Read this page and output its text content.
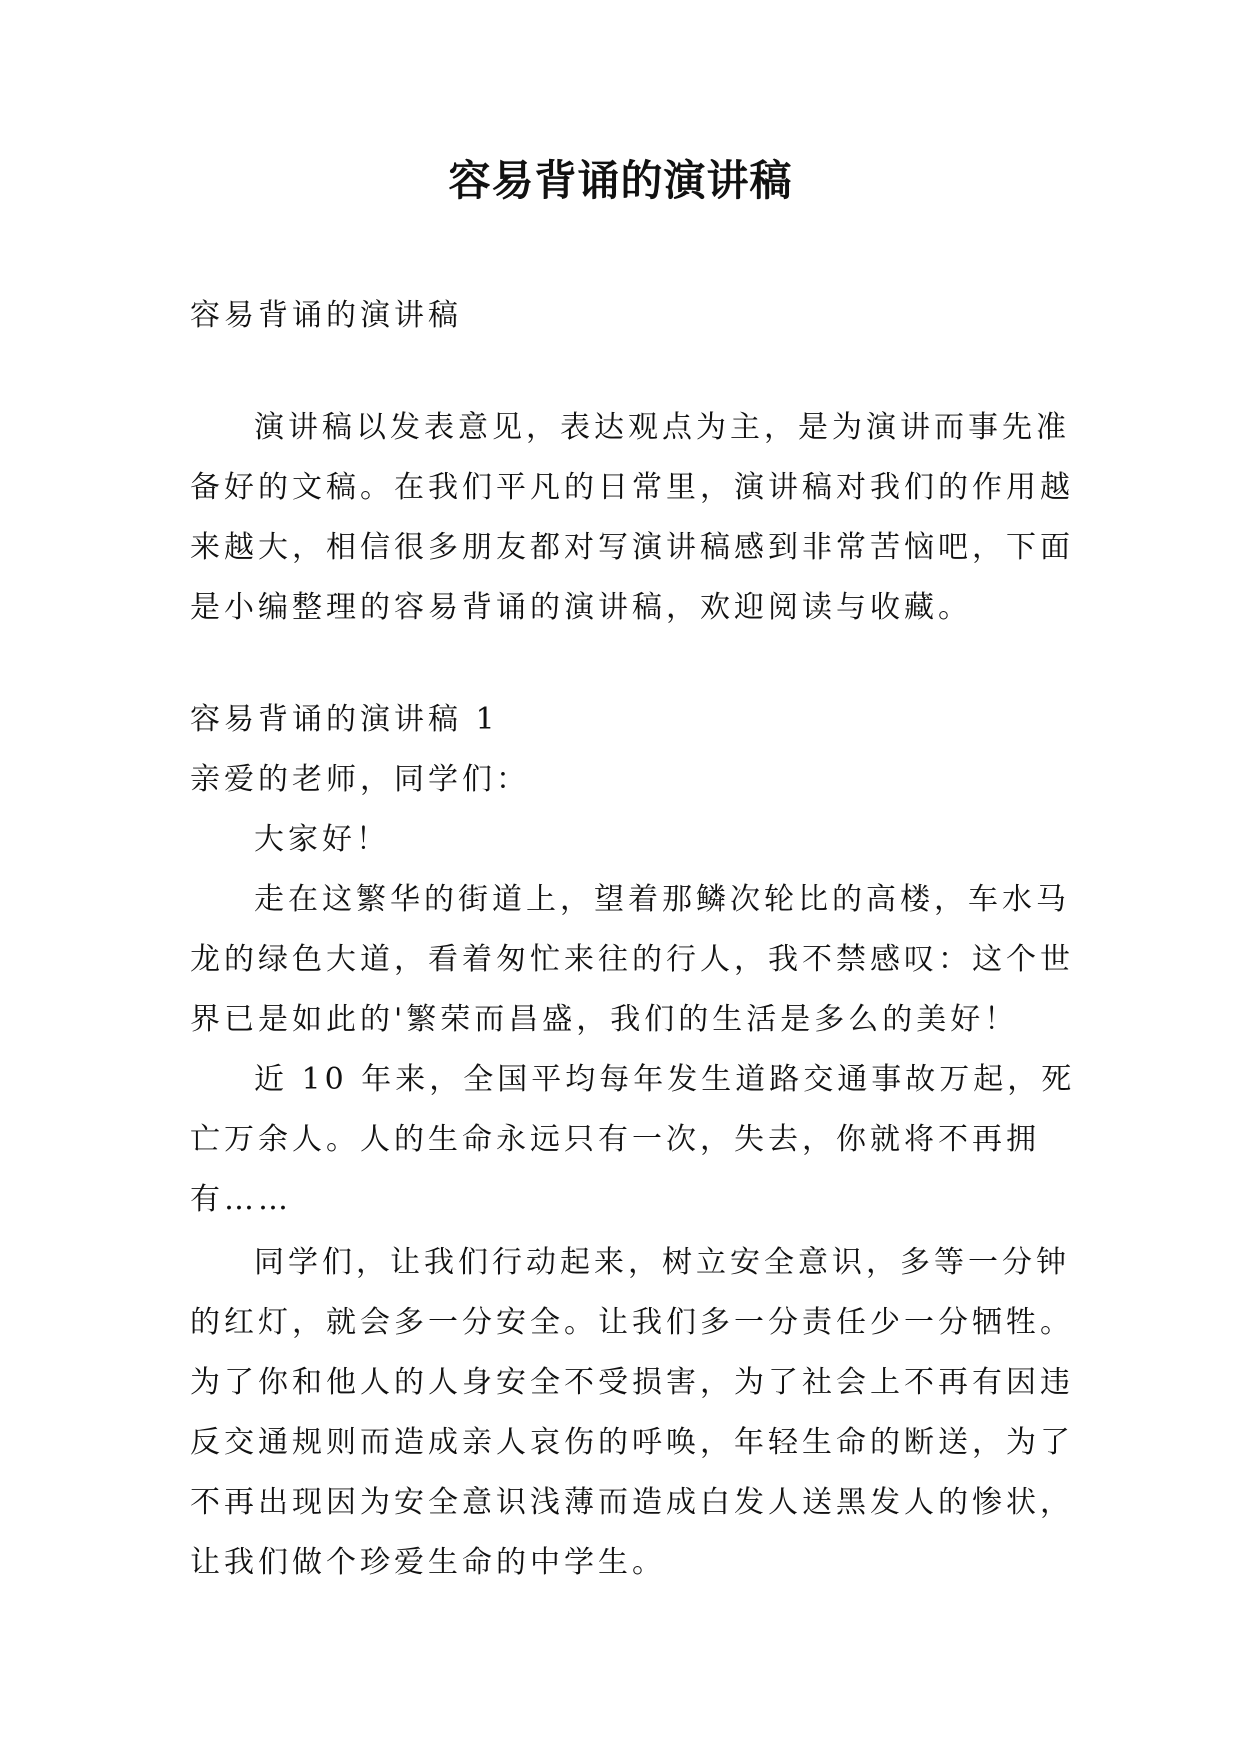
容易背诵的演讲稿
容易背诵的演讲稿
演讲稿以发表意见，表达观点为主，是为演讲而事先准
备好的文稿。在我们平凡的日常里，演讲稿对我们的作用越
来越大，相信很多朋友都对写演讲稿感到非常苦恼吧，下面
是小编整理的容易背诵的演讲稿，欢迎阅读与收藏。
容易背诵的演讲稿 1
亲爱的老师，同学们：
大家好！
走在这繁华的街道上，望着那鳞次轮比的高楼，车水马
龙的绿色大道，看着匆忙来往的行人，我不禁感叹：这个世
界已是如此的'繁荣而昌盛，我们的生活是多么的美好！
近 10 年来，全国平均每年发生道路交通事故万起，死
亡万余人。人的生命永远只有一次，失去，你就将不再拥
有……
同学们，让我们行动起来，树立安全意识，多等一分钟
的红灯，就会多一分安全。让我们多一分责任少一分牺牲。
为了你和他人的人身安全不受损害，为了社会上不再有因违
反交通规则而造成亲人哀伤的呼唤，年轻生命的断送，为了
不再出现因为安全意识浅薄而造成白发人送黑发人的惨状，
让我们做个珍爱生命的中学生。
